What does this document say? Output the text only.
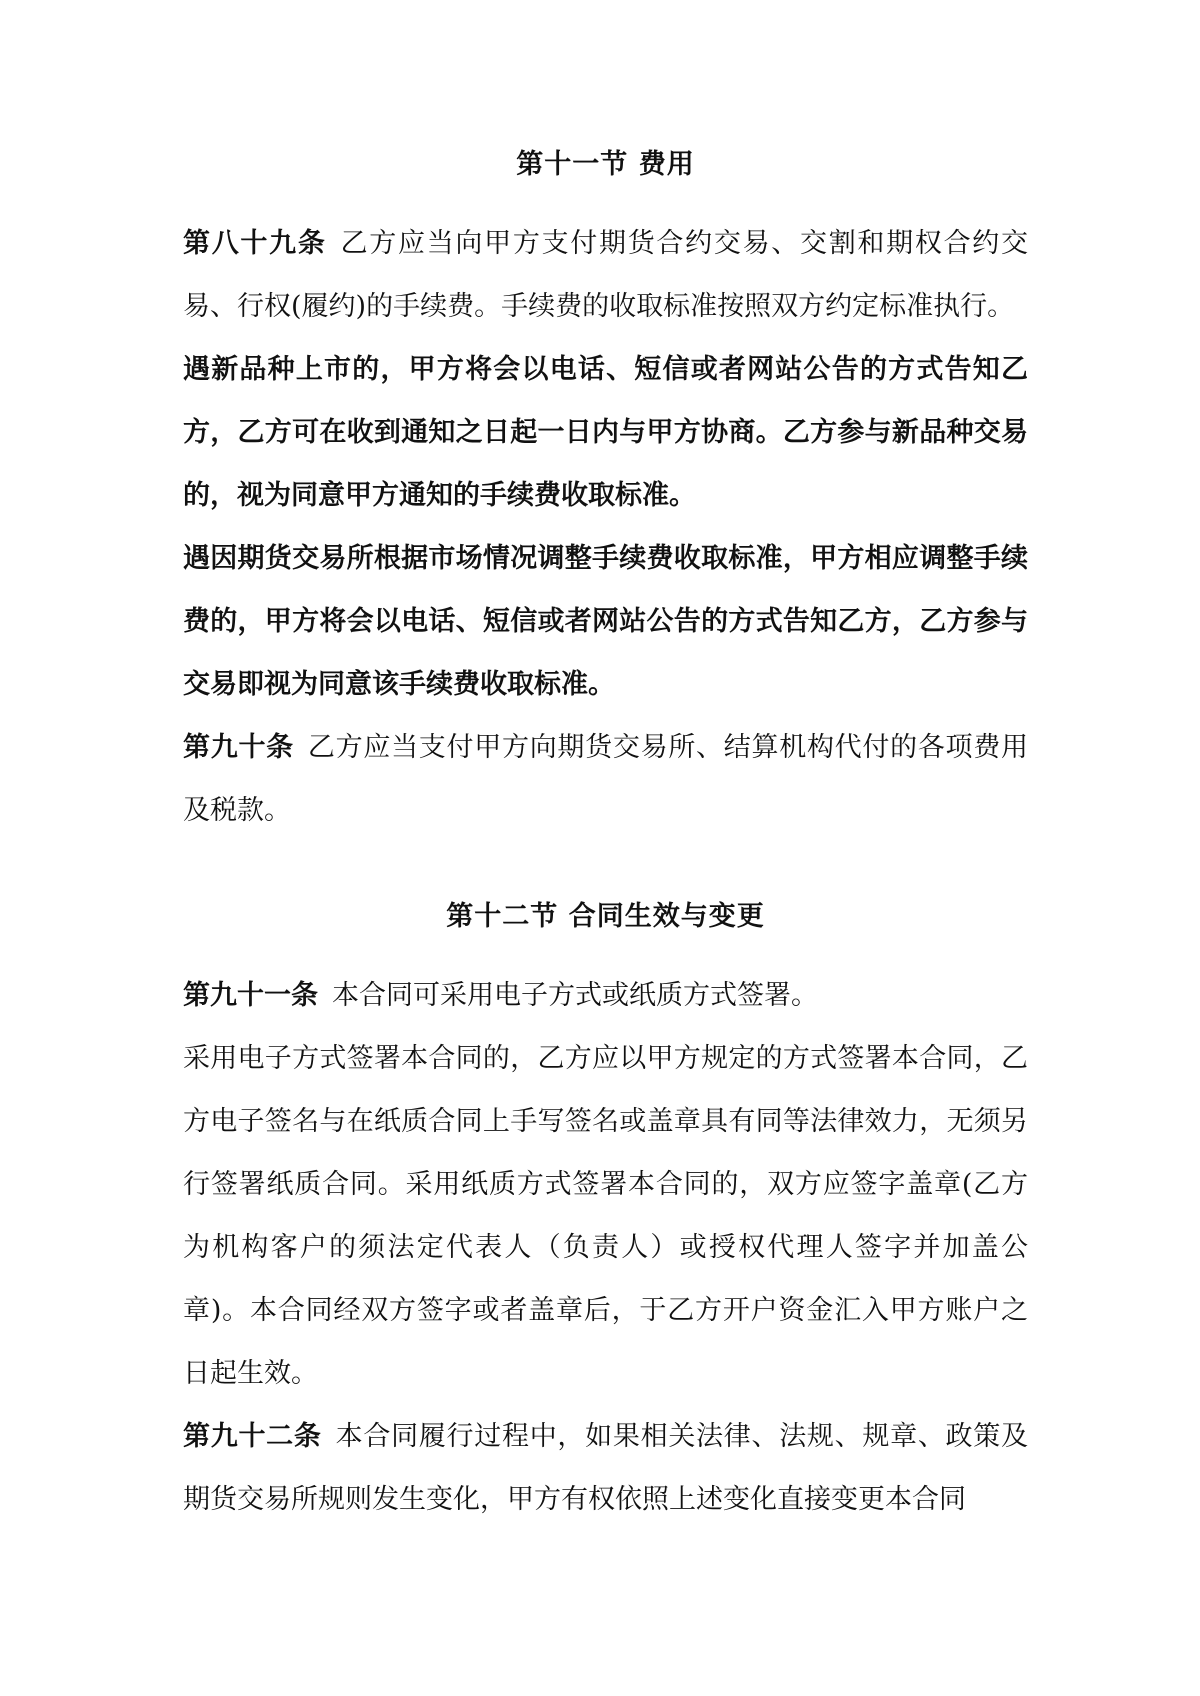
第十一节 费用

第八十九条 乙方应当向甲方支付期货合约交易、交割和期权合约交易、行权(履约)的手续费。手续费的收取标准按照双方约定标准执行。

遇新品种上市的，甲方将会以电话、短信或者网站公告的方式告知乙方，乙方可在收到通知之日起一日内与甲方协商。乙方参与新品种交易的，视为同意甲方通知的手续费收取标准。

遇因期货交易所根据市场情况调整手续费收取标准，甲方相应调整手续费的，甲方将会以电话、短信或者网站公告的方式告知乙方，乙方参与交易即视为同意该手续费收取标准。

第九十条 乙方应当支付甲方向期货交易所、结算机构代付的各项费用及税款。

第十二节 合同生效与变更

第九十一条 本合同可采用电子方式或纸质方式签署。

采用电子方式签署本合同的，乙方应以甲方规定的方式签署本合同，乙方电子签名与在纸质合同上手写签名或盖章具有同等法律效力，无须另行签署纸质合同。采用纸质方式签署本合同的，双方应签字盖章(乙方为机构客户的须法定代表人（负责人）或授权代理人签字并加盖公章)。本合同经双方签字或者盖章后，于乙方开户资金汇入甲方账户之日起生效。

第九十二条 本合同履行过程中，如果相关法律、法规、规章、政策及期货交易所规则发生变化，甲方有权依照上述变化直接变更本合同
